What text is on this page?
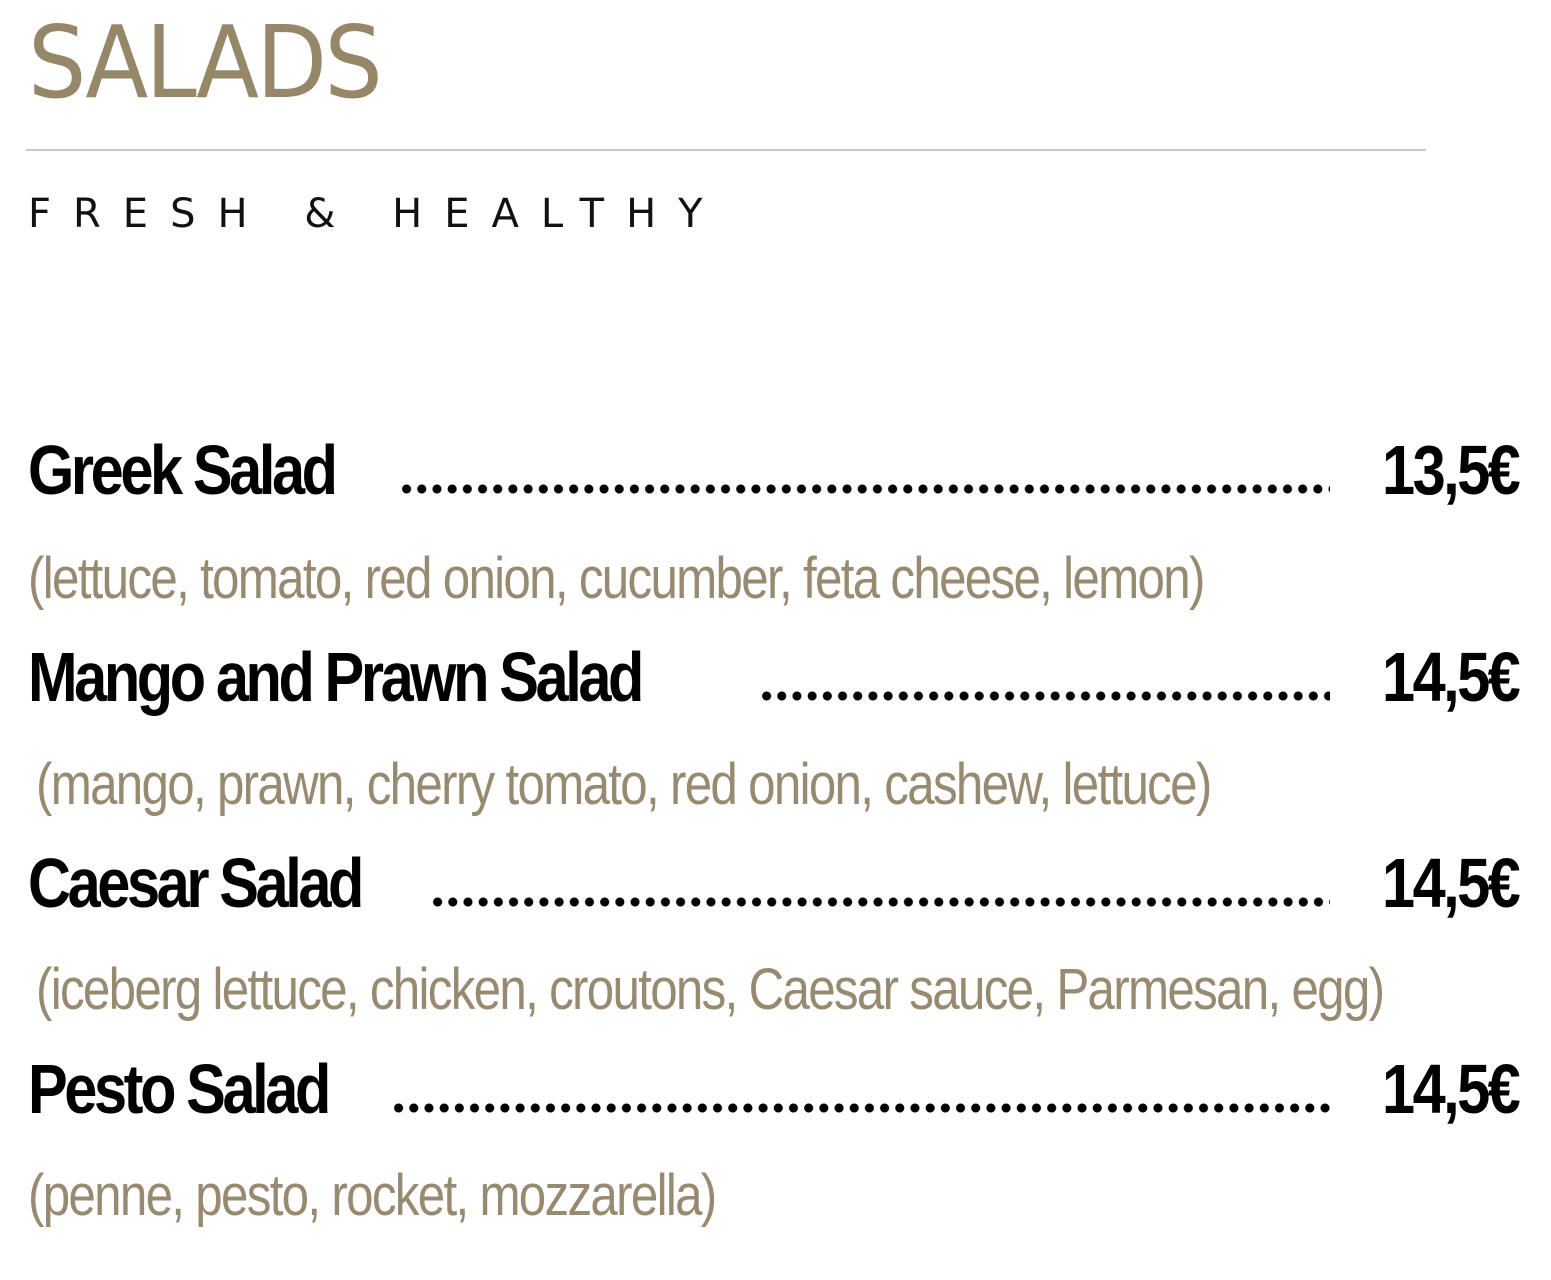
SALADS
FRESH & HEALTHY
Greek Salad	13,5€
(lettuce, tomato, red onion, cucumber, feta cheese, lemon)
Mango and Prawn Salad	14,5€
(mango, prawn, cherry tomato, red onion, cashew, lettuce)
Caesar Salad	14,5€
(iceberg lettuce, chicken, croutons, Caesar sauce, Parmesan, egg)
Pesto Salad	14,5€
(penne, pesto, rocket, mozzarella)
